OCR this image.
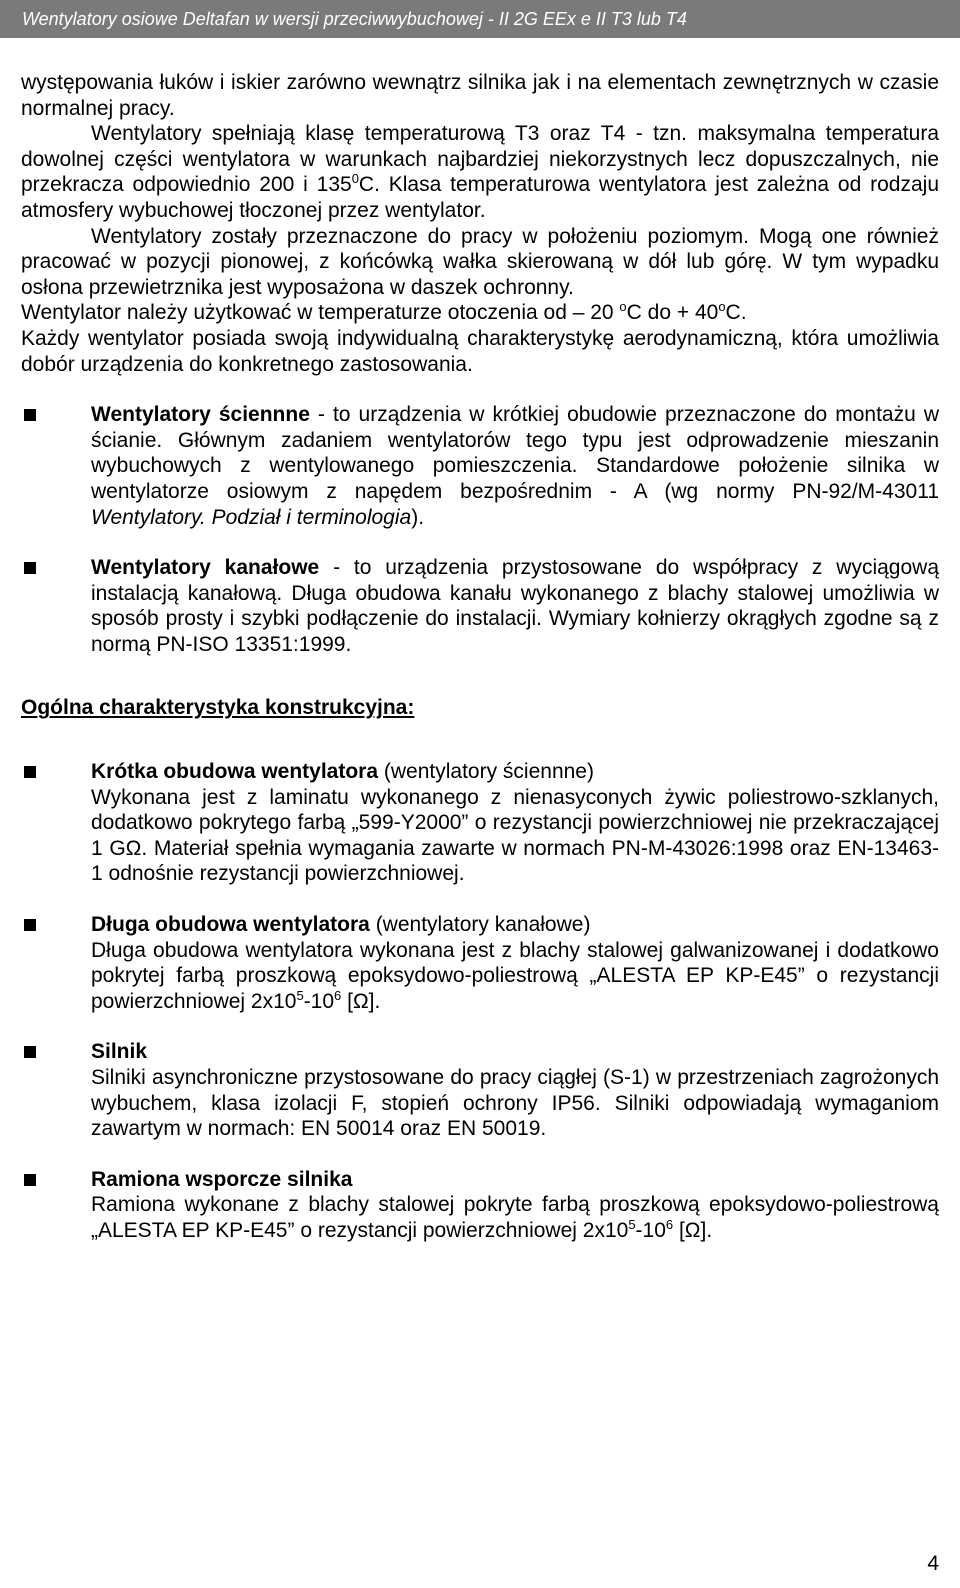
Wentylatory osiowe Deltafan w wersji przeciwwybuchowej - II 2G EEx e II T3 lub T4

występowania łuków i iskier zarówno wewnątrz silnika jak i na elementach zewnętrznych w czasie normalnej pracy.

Wentylatory spełniają klasę temperaturową T3 oraz T4 - tzn. maksymalna temperatura dowolnej części wentylatora w warunkach najbardziej niekorzystnych lecz dopuszczalnych, nie przekracza odpowiednio 200 i $135^0C$. Klasa temperaturowa wentylatora jest zależna od rodzaju atmosfery wybuchowej tłoczonej przez wentylator.

Wentylatory zostały przeznaczone do pracy w położeniu poziomym. Mogą one również pracować w pozycji pionowej, z końcówką wałka skierowaną w dół lub górę. W tym wypadku osłona przewietrznika jest wyposażona w daszek ochronny.

Wentylator należy użytkować w temperaturze otoczenia od – 20 $^o$C do + $40^oC$.

Każdy wentylator posiada swoją indywidualną charakterystykę aerodynamiczną, która umożliwia dobór urządzenia do konkretnego zastosowania.

Wentylatory ściennne - to urządzenia w krótkiej obudowie przeznaczone do montażu w ścianie. Głównym zadaniem wentylatorów tego typu jest odprowadzenie mieszanin wybuchowych z wentylowanego pomieszczenia. Standardowe położenie silnika w wentylatorze osiowym z napędem bezpośrednim - A (wg normy PN-92/M-43011 Wentylatory. Podział i terminologia).
Wentylatory kanałowe - to urządzenia przystosowane do współpracy z wyciągową instalacją kanałową. Długa obudowa kanału wykonanego z blachy stalowej umożliwia w sposób prosty i szybki podłączenie do instalacji. Wymiary kołnierzy okrągłych zgodne są z normą PN-ISO 13351:1999.

Ogólna charakterystyka konstrukcyjna:

Krótka obudowa wentylatora (wentylatory ściennne)
Wykonana jest z laminatu wykonanego z nienasyconych żywic poliestrowo-szklanych, dodatkowo pokrytego farbą „599-Y2000” o rezystancji powierzchniowej nie przekraczającej 1 GΩ. Materiał spełnia wymagania zawarte w normach PN-M-43026:1998 oraz EN-13463-1 odnośnie rezystancji powierzchniowej.
Długa obudowa wentylatora (wentylatory kanałowe)
Długa obudowa wentylatora wykonana jest z blachy stalowej galwanizowanej i dodatkowo pokrytej farbą proszkową epoksydowo-poliestrową „ALESTA EP KP-E45” o rezystancji powierzchniowej $2x10^5-10^6$ [Ω].
Silnik
Silniki asynchroniczne przystosowane do pracy ciągłej (S-1) w przestrzeniach zagrożonych wybuchem, klasa izolacji F, stopień ochrony IP56. Silniki odpowiadają wymaganiom zawartym w normach: EN 50014 oraz EN 50019.
Ramiona wsporcze silnika
Ramiona wykonane z blachy stalowej pokryte farbą proszkową epoksydowo-poliestrową „ALESTA EP KP-E45” o rezystancji powierzchniowej $2x10^5-10^6$ [Ω].
4
